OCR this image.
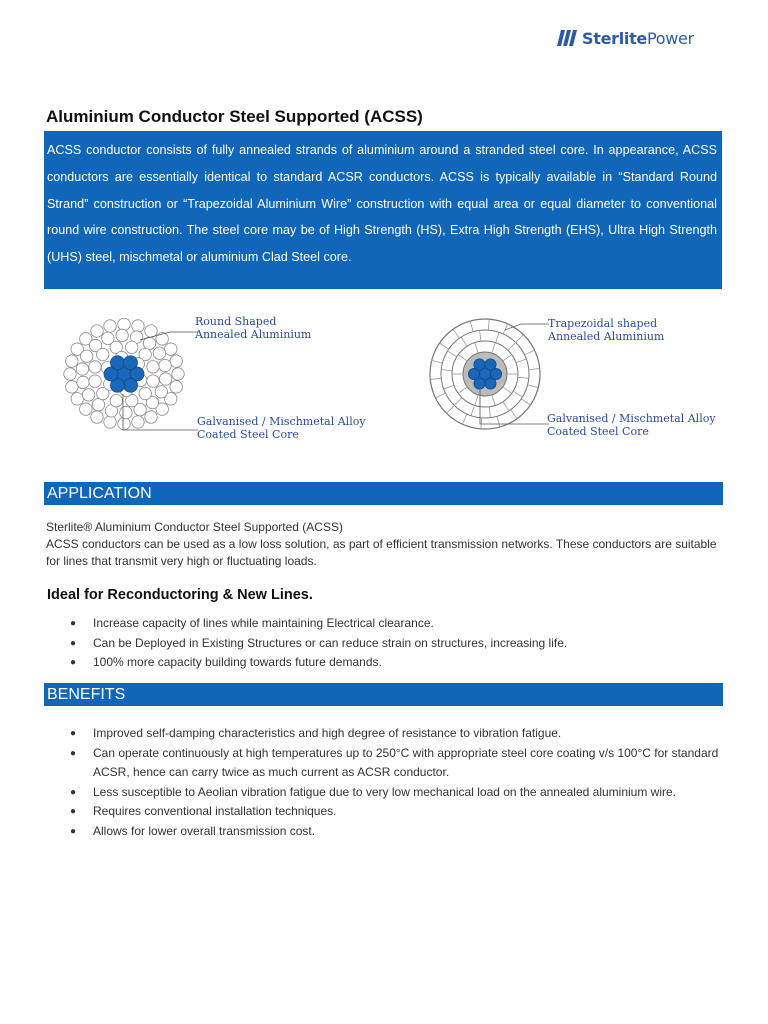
SterlitePower
Aluminium Conductor Steel Supported (ACSS)
ACSS conductor consists of fully annealed strands of aluminium around a stranded steel core. In appearance, ACSS conductors are essentially identical to standard ACSR conductors. ACSS is typically available in “Standard Round Strand” construction or “Trapezoidal Aluminium Wire” construction with equal area or equal diameter to conventional round wire construction. The steel core may be of High Strength (HS), Extra High Strength (EHS), Ultra High Strength (UHS) steel, mischmetal or aluminium Clad Steel core.
Round Shaped
Annealed Aluminium
Galvanised / Mischmetal Alloy
Coated Steel Core
Trapezoidal shaped
Annealed Aluminium
Galvanised / Mischmetal Alloy
Coated Steel Core
APPLICATION
Sterlite® Aluminium Conductor Steel Supported (ACSS)
ACSS conductors can be used as a low loss solution, as part of efficient transmission networks. These conductors are suitable for lines that transmit very high or fluctuating loads.
Ideal for Reconductoring & New Lines.
● Increase capacity of lines while maintaining Electrical clearance.
● Can be Deployed in Existing Structures or can reduce strain on structures, increasing life.
● 100% more capacity building towards future demands.
BENEFITS
● Improved self-damping characteristics and high degree of resistance to vibration fatigue.
● Can operate continuously at high temperatures up to 250°C with appropriate steel core coating v/s 100°C for standard ACSR, hence can carry twice as much current as ACSR conductor.
● Less susceptible to Aeolian vibration fatigue due to very low mechanical load on the annealed aluminium wire.
● Requires conventional installation techniques.
● Allows for lower overall transmission cost.
